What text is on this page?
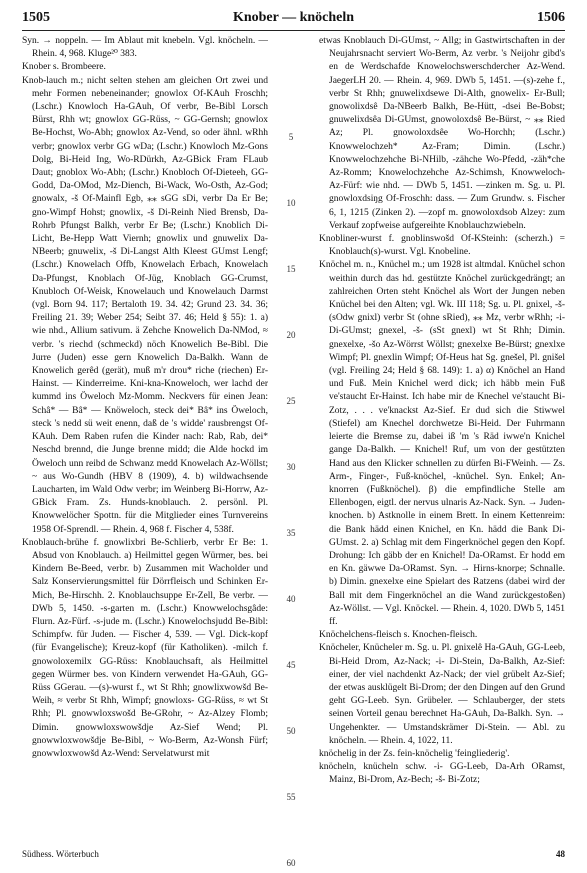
1505	Knober — knöcheln	1506

Syn. → noppeln. — Im Ablaut mit knebeln. Vgl. knöcheln. — Rhein. 4, 968. Kluge²⁰ 383.

Knober s. Brombeere.

Knob-lauch m.; nicht selten stehen am gleichen Ort zwei und mehr Formen nebeneinander; gnowlox Of-KAuh Froschh; (Lschr.) Knowloch Ha-GAuh, Of verbr, Be-Bibl Lorsch Bürst, Rhh wt; gnowlox GG-Rüss, ~ GG-Gernsh; gnowlox Be-Hochst, Wo-Abh; gnowlox Az-Vend, so oder ähnl. wRhh verbr; gnowlox verbr GG wDa; (Lschr.) Knowloch Mz-Gons Dolg, Bi-Heid Ing, Wo-RDürkh, Az-GBick Fram FLaub Daut; gnoblox Wo-Abh; (Lschr.) Knobloch Of-Dieteeh, GG-Godd, Da-OMod, Mz-Diench, Bi-Wack, Wo-Osth, Az-God; gnowalx, -š Of-Mainfl Egb, ⁎⁎ sGG sDi, verbr Da Er Be; gno-Wimpf Hohst; gnowlix, -š Di-Reinh Nied Brensb, Da-Rohrb Pfungst Balkh, verbr Er Be; (Lschr.) Knoblich Di-Licht, Be-Hepp Watt Viernh; gnowlix und gnuwelix Da-NBeerb; gnuwelix, -š Di-Langst Alth Kleest GUmst Lengf; (Lschr.) Knowelach Offb, Knowelach Erbach, Knowelach Da-Pfungst, Knoblach Of-Jüg, Knoblach GG-Crumst, Knubloch Of-Weisk, Knowelauch und Knowelauch Darmst (vgl. Born 94. 117; Bertaloth 19. 34. 42; Grund 23. 34. 36; Freiling 21. 39; Weber 254; Seibt 37. 46; Held § 55): 1. a) wie nhd., Allium sativum. ä Zehche Knowelich Da-NMod, ≈ verbr. 's riechd (schmeckd) nöch Knowelich Be-Bibl. Die Jurre (Juden) esse gern Knowelich Da-Balkh. Wann de Knowelich gerêd (gerät), muß m'r drou* riche (riechen) Er-Hainst. — Kinderreime. Kni-kna-Knoweloch, wer lachd der kummd ins Öweloch Mz-Momm. Neckvers für einen Jean: Schâ* — Bâ* — Knöweloch, steck dei* Bâ* ins Öweloch, steck 's nedd sü weit enenn, daß de 's widde' rausbrengst Of-KAuh. Dem Raben rufen die Kinder nach: Rab, Rab, dei* Neschd brennd, die Junge brenne midd; die Alde hockd im Öweloch unn reibd de Schwanz medd Knowelach Az-Wöllst; ~ aus Wo-Gundh (HBV 8 (1909), 4. b) wildwachsende Laucharten, im Wald Odw verbr; im Weinberg Bi-Horrw, Az-GBick Fram. Zs. Hunds-knoblauch. 2. persönl. Pl. Knowwelöcher Spottn. für die Mitglieder eines Turnvereins 1958 Of-Sprendl. — Rhein. 4, 968 f. Fischer 4, 538f.

Knoblauch-brühe f. gnowlixbri Be-Schlierb, verbr Er Be: 1. Absud von Knoblauch. a) Heilmittel gegen Würmer, bes. bei Kindern Be-Beed, verbr. b) Zusammen mit Wacholder und Salz Konservierungsmittel für Dörrfleisch und Schinken Er-Mich, Be-Hirschh. 2. Knoblauchsuppe Er-Zell, Be verbr. — DWb 5, 1450. -s-garten m. (Lschr.) Knowwelochsgâde: Flurn. Az-Fürf. -s-jude m. (Lschr.) Knowelochsjudd Be-Bibl: Schimpfw. für Juden. — Fischer 4, 539. — Vgl. Dick-kopf (für Evangelische); Kreuz-kopf (für Katholiken). -milch f. gnowoloxemilx GG-Rüss: Knoblauchsaft, als Heilmittel gegen Würmer bes. von Kindern verwendet Ha-GAuh, GG-Rüss GGerau. —(s)-wurst f., wt St Rhh; gnowlixwowšd Be-Weih, ≈ verbr St Rhh, Wimpf; gnowloxs- GG-Rüss, ≈ wt St Rhh; Pl. gnowwloxswošd Be-GRohr, ~ Az-Alzey Flomb; Dimin. gnowwloxswowšdje Az-Sief Wend; Pl. gnowwloxwowšdje Be-Bibl, ~ Wo-Berm, Az-Wonsh Fürf; gnowwloxwowšd Az-Wend: Servelatwurst mit

5
10
15
20
25
30
35
40
45
50
55
60

etwas Knoblauch Di-GUmst, ~ Allg; in Gastwirtschaften in der Neujahrsnacht serviert Wo-Berm, Az verbr. 's Neijohr gibd's en de Werdschafde Knowelochswerschdercher Az-Wend. JaegerLH 20. — Rhein. 4, 969. DWb 5, 1451. —(s)-zehe f., verbr St Rhh; gnuwelixdsewe Di-Alth, gnowelix- Er-Bull; gnowolixdsê Da-NBeerb Balkh, Be-Hütt, -dsei Be-Bobst; gnuwelixdsêa Di-GUmst, gnowoloxdsê Be-Bürst, ~ ⁎⁎ Ried Az; Pl. gnowoloxdsêe Wo-Horchh; (Lschr.) Knowwelochzeh* Az-Fram; Dimin. (Lschr.) Knowwelochzehche Bi-NHilb, -zähche Wo-Pfedd, -zäh*che Az-Romm; Knowelochzehche Az-Schimsh, Knowweloch- Az-Fürf: wie nhd. — DWb 5, 1451. —zinken m. Sg. u. Pl. gnowloxdsiŋg Of-Froschh: dass. — Zum Grundw. s. Fischer 6, 1, 1215 (Zinken 2). —zopf m. gnowoloxdsob Alzey: zum Verkauf zopfweise aufgereihte Knoblauchzwiebeln.

Knobliner-wurst f. gnoblinswošd Of-KSteinh: (scherzh.) = Knoblauch(s)-wurst. Vgl. Knobeline.

Knöchel m. n., Knüchel m.; um 1928 ist altmdal. Knüchel schon weithin durch das hd. gestützte Knöchel zurückgedrängt; an zahlreichen Orten steht Knöchel als Wort der Jungen neben Knüchel bei den Alten; vgl. Wk. III 118; Sg. u. Pl. gnixel, -š- (sOdw gnixl) verbr St (ohne sRied), ⁎⁎ Mz, verbr wRhh; -i- Di-GUmst; gnexel, -š- (sSt gnexl) wt St Rhh; Dimin. gnexelxe, -šo Az-Wörrst Wöllst; gnexelxe Be-Bürst; gnexlxe Wimpf; Pl. gnexlin Wimpf; Of-Heus hat Sg. gnešel, Pl. gnišel (vgl. Freiling 24; Held § 68. 149): 1. a) α) Knöchel an Hand und Fuß. Mein Knichel werd dick; ich häbb mein Fuß ve'staucht Er-Hainst. Ich habe mir de Knechel ve'staucht Bi-Zotz, . . . ve'knackst Az-Sief. Er dud sich die Stiwwel (Stiefel) am Knechel dorchwetze Bi-Heid. Der Fuhrmann leierte die Bremse zu, dabei iß 'm 's Räd iwwe'n Knichel gange Da-Balkh. — Knichel! Ruf, um von der gestützten Hand aus den Klicker schnellen zu dürfen Bi-FWeinh. — Zs. Arm-, Finger-, Fuß-knöchel, -knüchel. Syn. Enkel; An-knorren (Fußknöchel). β) die empfindliche Stelle am Ellenbogen, eigtl. der nervus ulnaris Az-Nack. Syn. → Juden-knochen. b) Astknolle in einem Brett. In einem Kettenreim: die Bank hädd einen Knichel, en Kn. hädd die Bank Di-GUmst. 2. a) Schlag mit dem Fingerknöchel gegen den Kopf. Drohung: Ich gäbb der en Knichel! Da-ORamst. Er hodd em en Kn. gäwwe Da-ORamst. Syn. → Hirns-knorpe; Schnalle. b) Dimin. gnexelxe eine Spielart des Ratzens (dabei wird der Ball mit dem Fingerknöchel an die Wand zurückgestoßen) Az-Wöllst. — Vgl. Knöckel. — Rhein. 4, 1020. DWb 5, 1451 ff.

Knöchelchens-fleisch s. Knochen-fleisch.

Knöcheler, Knücheler m. Sg. u. Pl. gnixelê Ha-GAuh, GG-Leeb, Bi-Heid Drom, Az-Nack; -i- Di-Stein, Da-Balkh, Az-Sief: einer, der viel nachdenkt Az-Nack; der viel grübelt Az-Sief; der etwas ausklügelt Bi-Drom; der den Dingen auf den Grund geht GG-Leeb. Syn. Grübeler. — Schlauberger, der stets seinen Vorteil genau berechnet Ha-GAuh, Da-Balkh. Syn. → Ungehenkter. — Umstandskrämer Di-Stein. — Abl. zu knöcheln. — Rhein. 4, 1022, 11.

knöchelig in der Zs. fein-knöchelig 'feingliederig'.

knöcheln, knücheln schw. -i- GG-Leeb, Da-Arh ORamst, Mainz, Bi-Drom, Az-Bech; -š- Bi-Zotz;

Südhess. Wörterbuch	48
